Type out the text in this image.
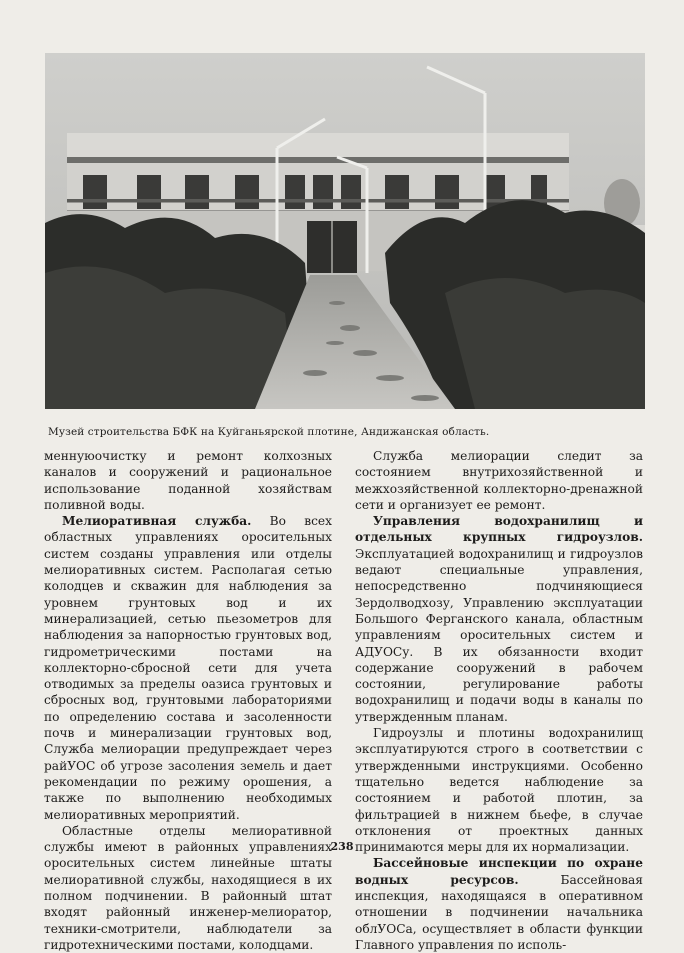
Музей строительства БФК на Куйганьярской плотине, Андижанская область.

меннуюочистку и ремонт колхозных каналов и сооружений и рациональное использование поданной хозяйствам поливной воды.

Мелиоративная служба. Во всех областных управлениях оросительных систем созданы управления или отделы мелиоративных систем. Располагая сетью колодцев и скважин для наблюдения за уровнем грунтовых вод и их минерализацией, сетью пьезометров для наблюдения за напорностью грунтовых вод, гидрометрическими постами на коллекторно-сбросной сети для учета отводимых за пределы оазиса грунтовых и сбросных вод, грунтовыми лабораториями по определению состава и засоленности почв и минерализации грунтовых вод, Служба мелиорации предупреждает через райУОС об угрозе засоления земель и дает рекомендации по режиму орошения, а также по выполнению необходимых мелиоративных мероприятий.

Областные отделы мелиоративной службы имеют в районных управлениях оросительных систем линейные штаты мелиоративной службы, находящиеся в их полном подчинении. В районный штат входят районный инженер-мелиоратор, техники-смотрители, наблюдатели за гидротехническими постами, колодцами.

Служба мелиорации следит за состоянием внутрихозяйственной и межхозяйственной коллекторно-дренажной сети и организует ее ремонт.

Управления водохранилищ и отдельных крупных гидроузлов. Эксплуатацией водохранилищ и гидроузлов ведают специальные управления, непосредственно подчиняющиеся Зердолводхозу, Управлению эксплуатации Большого Ферганского канала, областным управлениям оросительных систем и АДУОСу. В их обязанности входит содержание сооружений в рабочем состоянии, регулирование работы водохранилищ и подачи воды в каналы по утвержденным планам.

Гидроузлы и плотины водохранилищ эксплуатируются строго в соответствии с утвержденными инструкциями. Особенно тщательно ведется наблюдение за состоянием и работой плотин, за фильтрацией в нижнем бьефе, в случае отклонения от проектных данных принимаются меры для их нормализации.

Бассейновые инспекции по охране водных ресурсов. Бассейновая инспекция, находящаяся в оперативном отношении в подчинении начальника облУОСа, осуществляет в области функции Главного управления по исполь-

238
